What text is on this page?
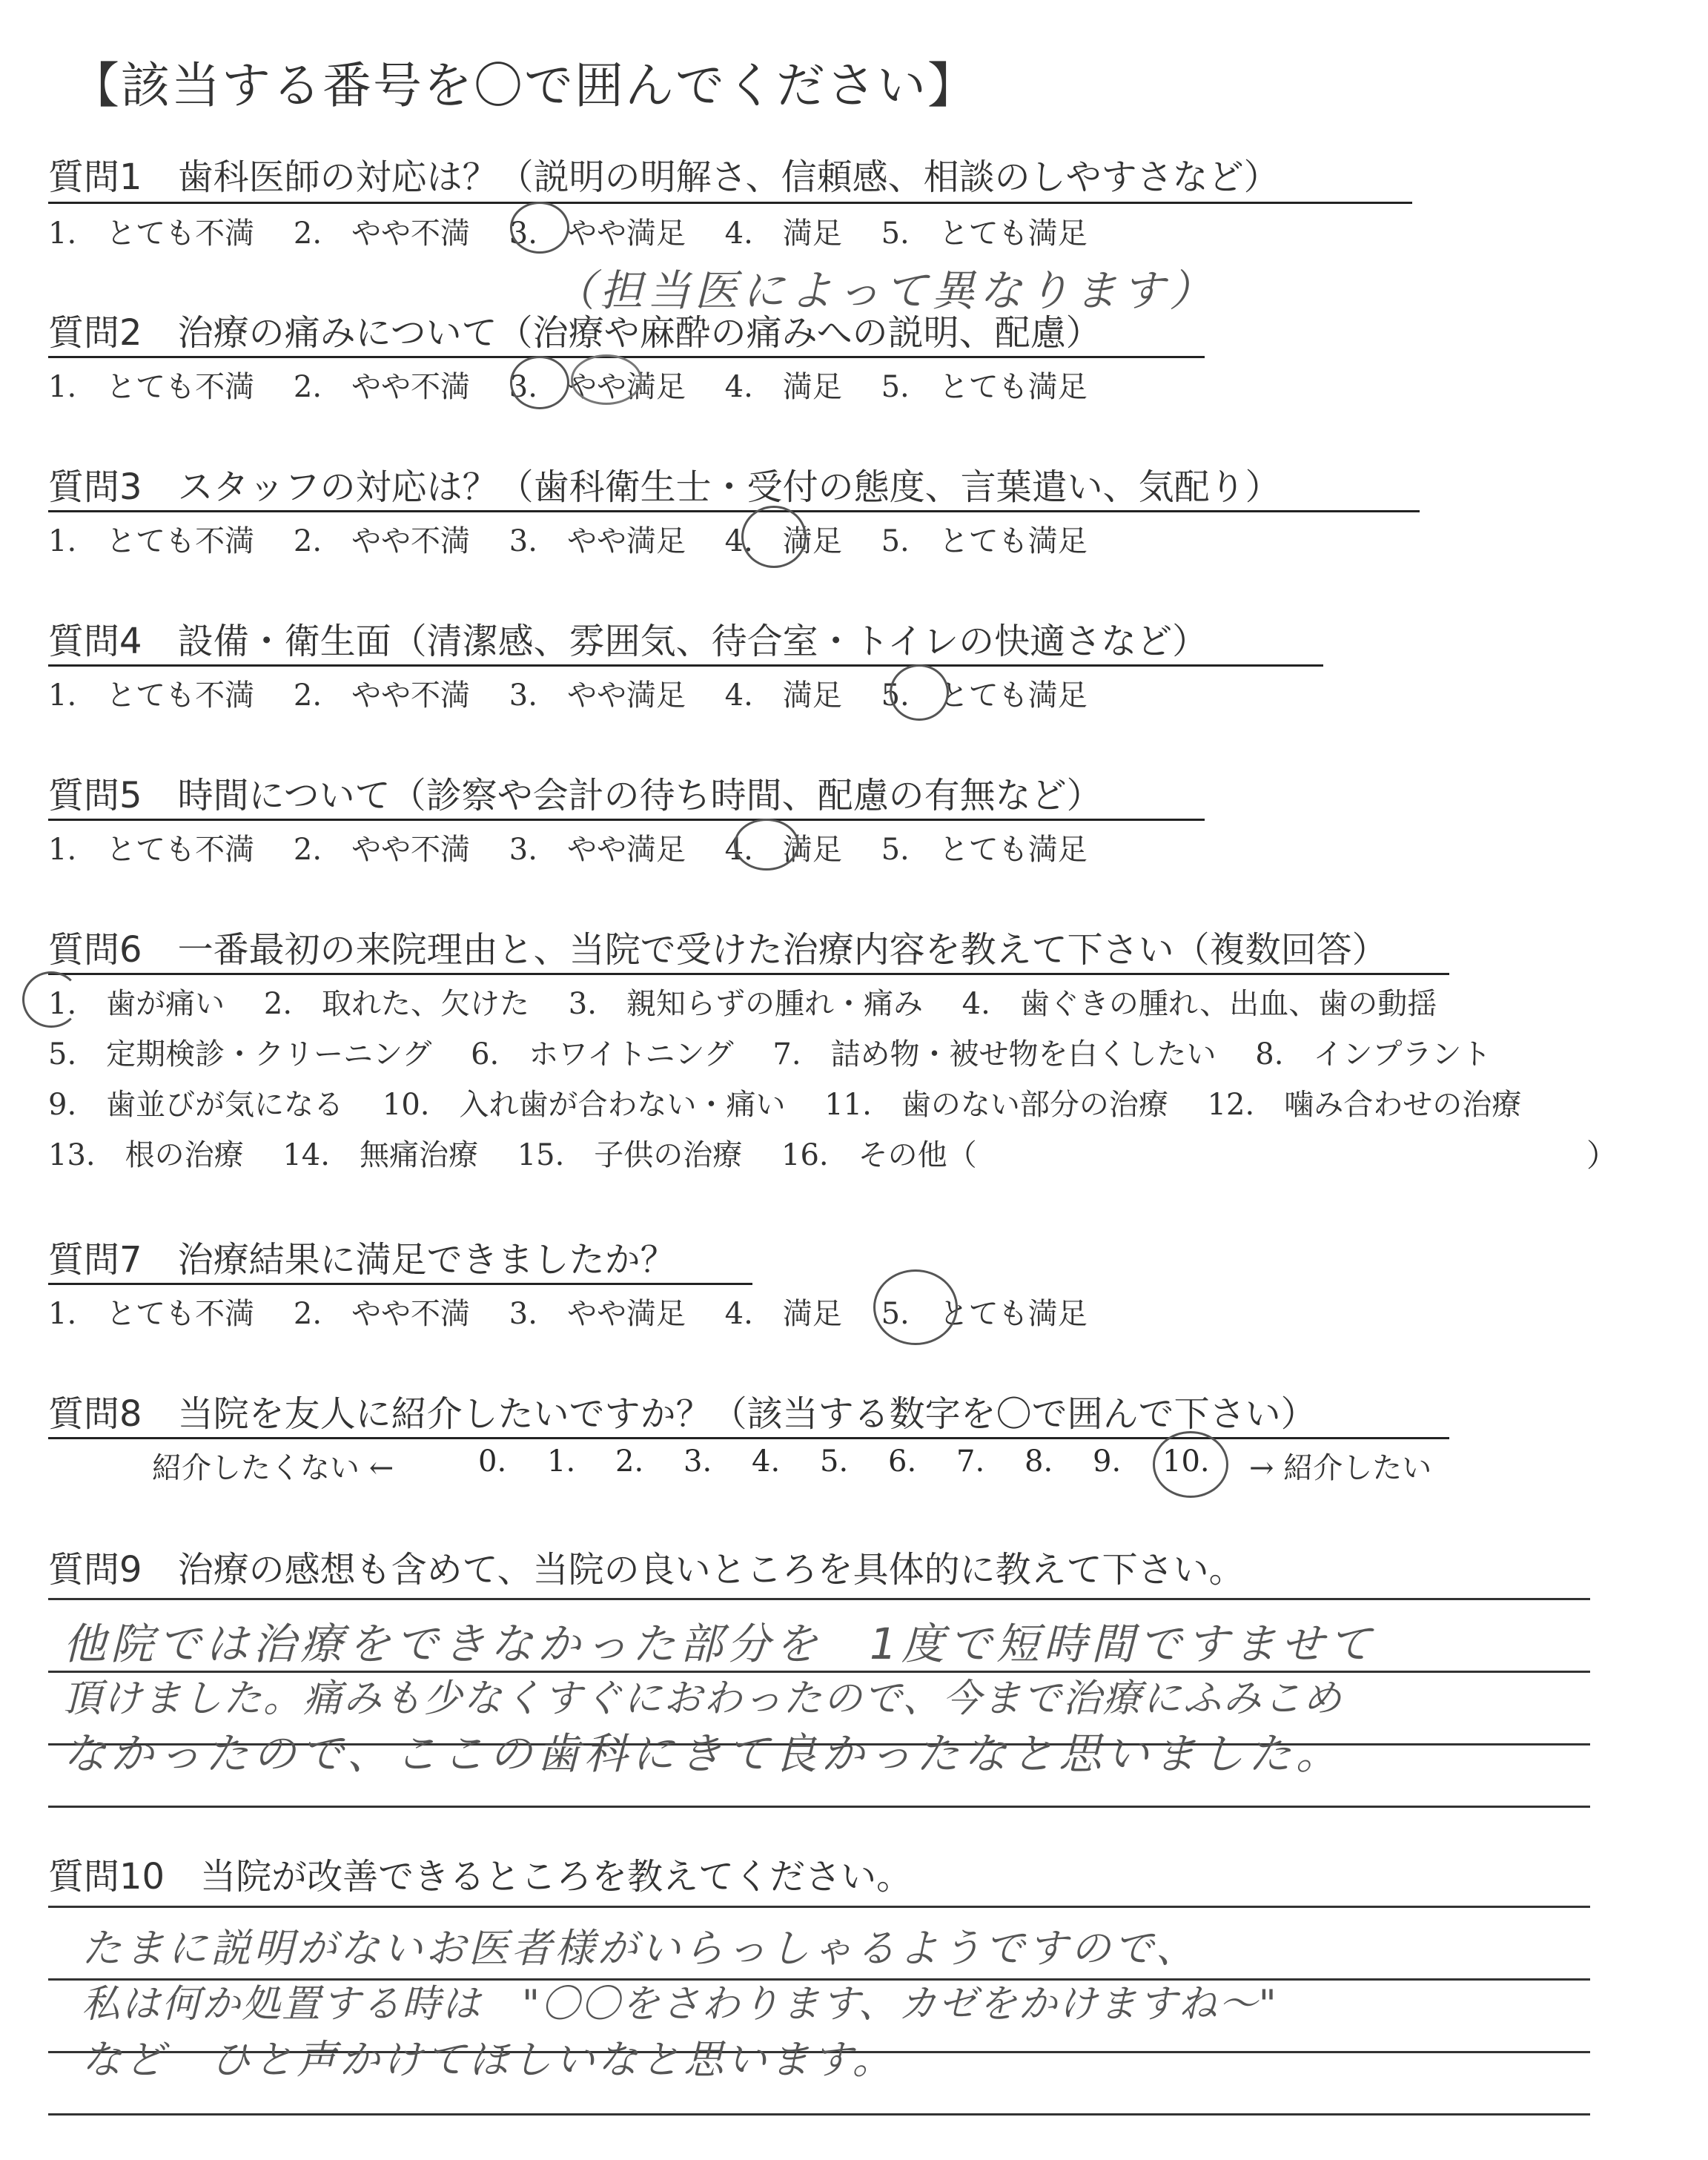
【該当する番号を〇で囲んでください】
質問1　 歯科医師の対応は？（説明の明解さ、信頼感、相談のしやすさなど）
1.　とても不満　 2.　やや不満　 3.　やや満足　 4.　満足　 5.　とても満足
（担当医によって異なります）
質問2　 治療の痛みについて（治療や麻酔の痛みへの説明、配慮）
1.　とても不満　 2.　やや不満　 3.　やや満足　 4.　満足　 5.　とても満足
質問3　 スタッフの対応は？（歯科衛生士・受付の態度、言葉遣い、気配り）
1.　とても不満　 2.　やや不満　 3.　やや満足　 4.　満足　 5.　とても満足
質問4　 設備・衛生面（清潔感、雰囲気、待合室・トイレの快適さなど）
1.　とても不満　 2.　やや不満　 3.　やや満足　 4.　満足　 5.　とても満足
質問5　 時間について（診察や会計の待ち時間、配慮の有無など）
1.　とても不満　 2.　やや不満　 3.　やや満足　 4.　満足　 5.　とても満足
質問6　 一番最初の来院理由と、当院で受けた治療内容を教えて下さい（複数回答）
1.　歯が痛い　 2.　取れた、欠けた　 3.　親知らずの腫れ・痛み　 4.　歯ぐきの腫れ、出血、歯の動揺
5.　定期検診・クリーニング　 6.　ホワイトニング　 7.　詰め物・被せ物を白くしたい　 8.　インプラント
9.　歯並びが気になる　 10.　入れ歯が合わない・痛い　 11.　歯のない部分の治療　 12.　噛み合わせの治療
13.　根の治療　 14.　無痛治療　 15.　子供の治療　 16.　その他（	）
質問7　 治療結果に満足できましたか？
1.　とても不満　 2.　やや不満　 3.　やや満足　 4.　満足　 5.　とても満足
質問8　 当院を友人に紹介したいですか？（該当する数字を〇で囲んで下さい）
紹介したくない ←	0. 1. 2. 3. 4. 5. 6. 7. 8. 9. 10. → 紹介したい
質問9　 治療の感想も含めて、当院の良いところを具体的に教えて下さい。
他院では治療をできなかった部分を　1度で短時間ですませて
頂けました。痛みも少なくすぐにおわったので、今まで治療にふみこめ
なかったので、ここの歯科にきて良かったなと思いました。
質問10　 当院が改善できるところを教えてください。
たまに説明がないお医者様がいらっしゃるようですので、
私は何か処置する時は　"〇〇をさわります、カゼをかけますね〜"
など　ひと声かけてほしいなと思います。
